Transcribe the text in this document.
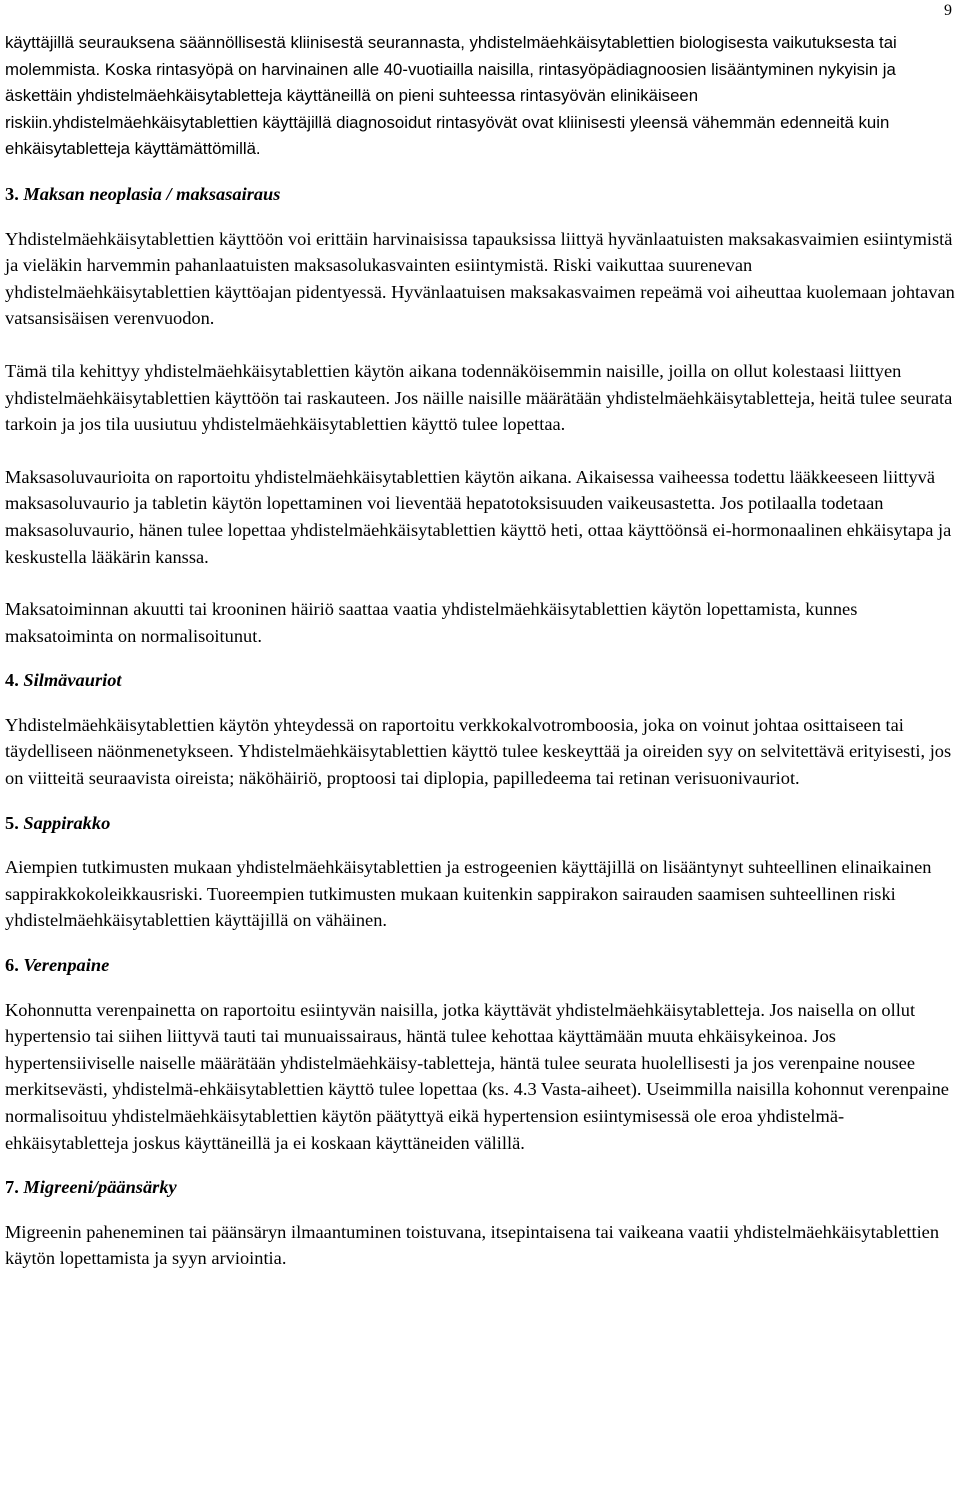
9

käyttäjillä seurauksena säännöllisestä kliinisestä seurannasta, yhdistelmäehkäisytablettien biologisesta vaikutuksesta tai molemmista. Koska rintasyöpä on harvinainen alle 40-vuotiailla naisilla, rintasyöpädiagnoosien lisääntyminen nykyisin ja äskettäin yhdistelmäehkäisytabletteja käyttäneillä on pieni suhteessa rintasyövän elinikäiseen riskiin.yhdistelmäehkäisytablettien käyttäjillä diagnosoidut rintasyövät ovat kliinisesti yleensä vähemmän edenneitä kuin ehkäisytabletteja käyttämättömillä.

3. Maksan neoplasia / maksasairaus

Yhdistelmäehkäisytablettien käyttöön voi erittäin harvinaisissa tapauksissa liittyä hyvänlaatuisten maksakasvaimien esiintymistä ja vieläkin harvemmin pahanlaatuisten maksasolukasvainten esiintymistä. Riski vaikuttaa suurenevan yhdistelmäehkäisytablettien käyttöajan pidentyessä. Hyvänlaatuisen maksakasvaimen repeämä voi aiheuttaa kuolemaan johtavan vatsansisäisen verenvuodon.

Tämä tila kehittyy yhdistelmäehkäisytablettien käytön aikana todennäköisemmin naisille, joilla on ollut kolestaasi liittyen yhdistelmäehkäisytablettien käyttöön tai raskauteen. Jos näille naisille määrätään yhdistelmäehkäisytabletteja, heitä tulee seurata tarkoin ja jos tila uusiutuu yhdistelmäehkäisytablettien käyttö tulee lopettaa.

Maksasoluvaurioita on raportoitu yhdistelmäehkäisytablettien käytön aikana. Aikaisessa vaiheessa todettu lääkkeeseen liittyvä maksasoluvaurio ja tabletin käytön lopettaminen voi lieventää hepatotoksisuuden vaikeusastetta. Jos potilaalla todetaan maksasoluvaurio, hänen tulee lopettaa yhdistelmäehkäisytablettien käyttö heti, ottaa käyttöönsä ei-hormonaalinen ehkäisytapa ja keskustella lääkärin kanssa.

Maksatoiminnan akuutti tai krooninen häiriö saattaa vaatia yhdistelmäehkäisytablettien käytön lopettamista, kunnes maksatoiminta on normalisoitunut.

4. Silmävauriot

Yhdistelmäehkäisytablettien käytön yhteydessä on raportoitu verkkokalvotromboosia, joka on voinut johtaa osittaiseen tai täydelliseen näönmenetykseen. Yhdistelmäehkäisytablettien käyttö tulee keskeyttää ja oireiden syy on selvitettävä erityisesti, jos on viitteitä seuraavista oireista; näköhäiriö, proptoosi tai diplopia, papilledeema tai retinan verisuonivauriot.

5. Sappirakko

Aiempien tutkimusten mukaan yhdistelmäehkäisytablettien ja estrogeenien käyttäjillä on lisääntynyt suhteellinen elinaikainen sappirakkokoleikkausriski. Tuoreempien tutkimusten mukaan kuitenkin sappirakon sairauden saamisen suhteellinen riski yhdistelmäehkäisytablettien käyttäjillä on vähäinen.

6. Verenpaine

Kohonnutta verenpainetta on raportoitu esiintyvän naisilla, jotka käyttävät yhdistelmäehkäisytabletteja. Jos naisella on ollut hypertensio tai siihen liittyvä tauti tai munuaissairaus, häntä tulee kehottaa käyttämään muuta ehkäisykeinoa. Jos hypertensiiviselle naiselle määrätään yhdistelmäehkäisy-tabletteja, häntä tulee seurata huolellisesti ja jos verenpaine nousee merkitsevästi, yhdistelmä-ehkäisytablettien käyttö tulee lopettaa (ks. 4.3 Vasta-aiheet). Useimmilla naisilla kohonnut verenpaine normalisoituu yhdistelmäehkäisytablettien käytön päätyttyä eikä hypertension esiintymisessä ole eroa yhdistelmä-ehkäisytabletteja joskus käyttäneillä ja ei koskaan käyttäneiden välillä.

7. Migreeni/päänsärky

Migreenin paheneminen tai päänsäryn ilmaantuminen toistuvana, itsepintaisena tai vaikeana vaatii yhdistelmäehkäisytablettien käytön lopettamista ja syyn arviointia.
